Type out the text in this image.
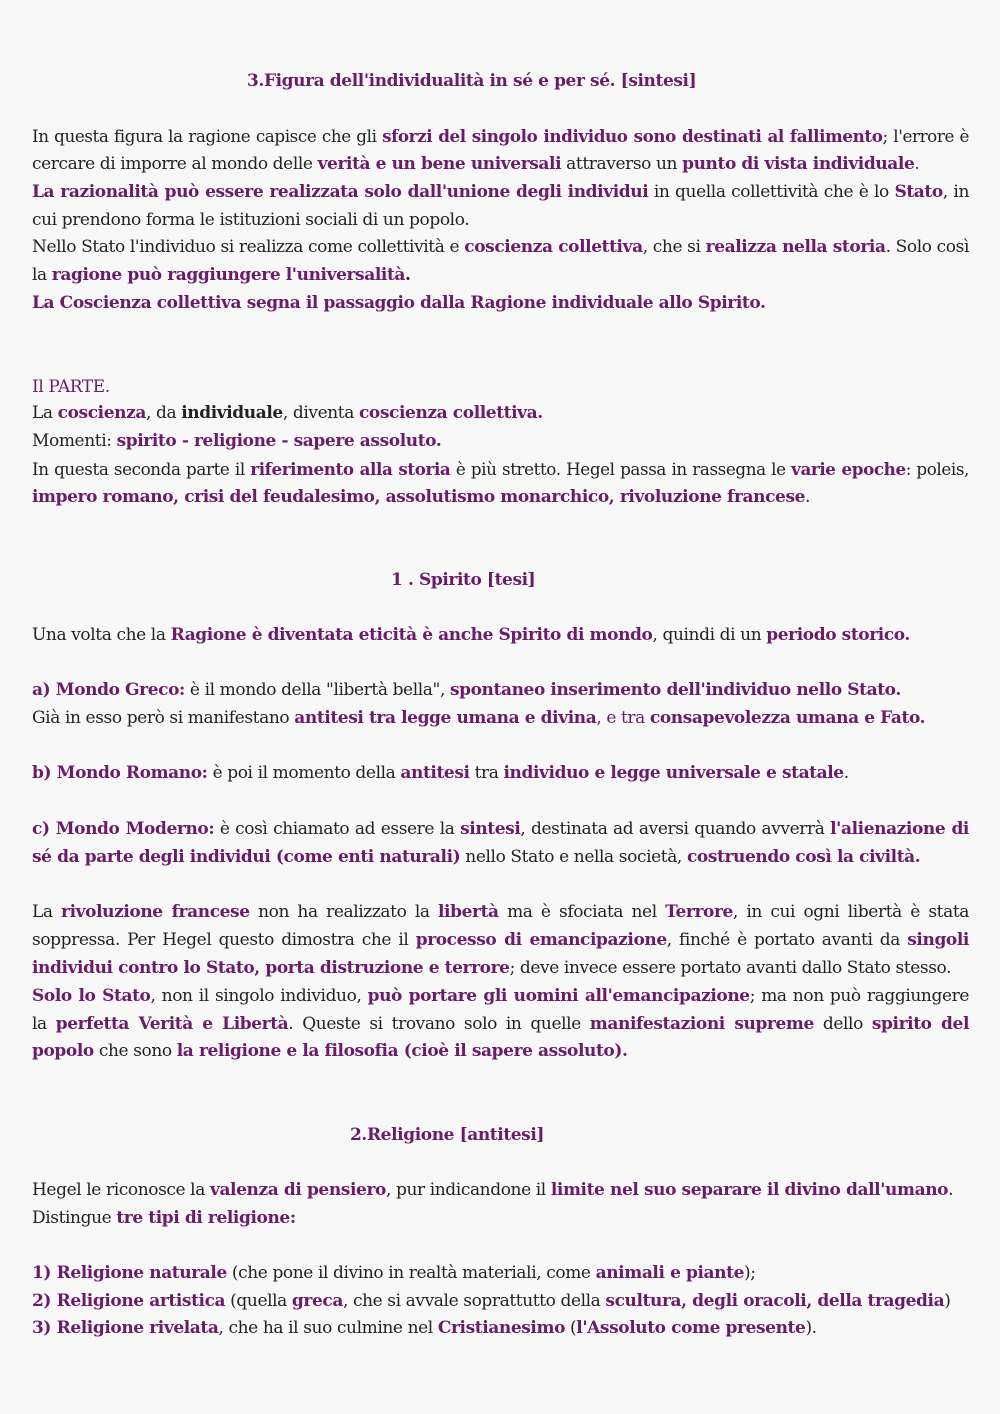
3.Figura dell'individualità in sé e per sé. [sintesi]
In questa figura la ragione capisce che gli sforzi del singolo individuo sono destinati al fallimento; l'errore è
cercare di imporre al mondo delle verità e un bene universali attraverso un punto di vista individuale.
La razionalità può essere realizzata solo dall'unione degli individui in quella collettività che è lo Stato, in
cui prendono forma le istituzioni sociali di un popolo.
Nello Stato l'individuo si realizza come collettività e coscienza collettiva, che si realizza nella storia. Solo così
la ragione può raggiungere l'universalità.
La Coscienza collettiva segna il passaggio dalla Ragione individuale allo Spirito.
Il PARTE.
La coscienza, da individuale, diventa coscienza collettiva.
Momenti: spirito - religione - sapere assoluto.
In questa seconda parte il riferimento alla storia è più stretto. Hegel passa in rassegna le varie epoche: poleis,
impero romano, crisi del feudalesimo, assolutismo monarchico, rivoluzione francese.
1 . Spirito [tesi]
Una volta che la Ragione è diventata eticità è anche Spirito di mondo, quindi di un periodo storico.
a) Mondo Greco: è il mondo della "libertà bella", spontaneo inserimento dell'individuo nello Stato.
Già in esso però si manifestano antitesi tra legge umana e divina, e tra consapevolezza umana e Fato.
b) Mondo Romano: è poi il momento della antitesi tra individuo e legge universale e statale.
c) Mondo Moderno: è così chiamato ad essere la sintesi, destinata ad aversi quando avverrà l'alienazione di
sé da parte degli individui (come enti naturali) nello Stato e nella società, costruendo così la civiltà.
La rivoluzione francese non ha realizzato la libertà ma è sfociata nel Terrore, in cui ogni libertà è stata
soppressa. Per Hegel questo dimostra che il processo di emancipazione, finché è portato avanti da singoli
individui contro lo Stato, porta distruzione e terrore; deve invece essere portato avanti dallo Stato stesso.
Solo lo Stato, non il singolo individuo, può portare gli uomini all'emancipazione; ma non può raggiungere
la perfetta Verità e Libertà. Queste si trovano solo in quelle manifestazioni supreme dello spirito del
popolo che sono la religione e la filosofia (cioè il sapere assoluto).
2.Religione [antitesi]
Hegel le riconosce la valenza di pensiero, pur indicandone il limite nel suo separare il divino dall'umano.
Distingue tre tipi di religione:
1) Religione naturale (che pone il divino in realtà materiali, come animali e piante);
2) Religione artistica (quella greca, che si avvale soprattutto della scultura, degli oracoli, della tragedia)
3) Religione rivelata, che ha il suo culmine nel Cristianesimo (l'Assoluto come presente).
